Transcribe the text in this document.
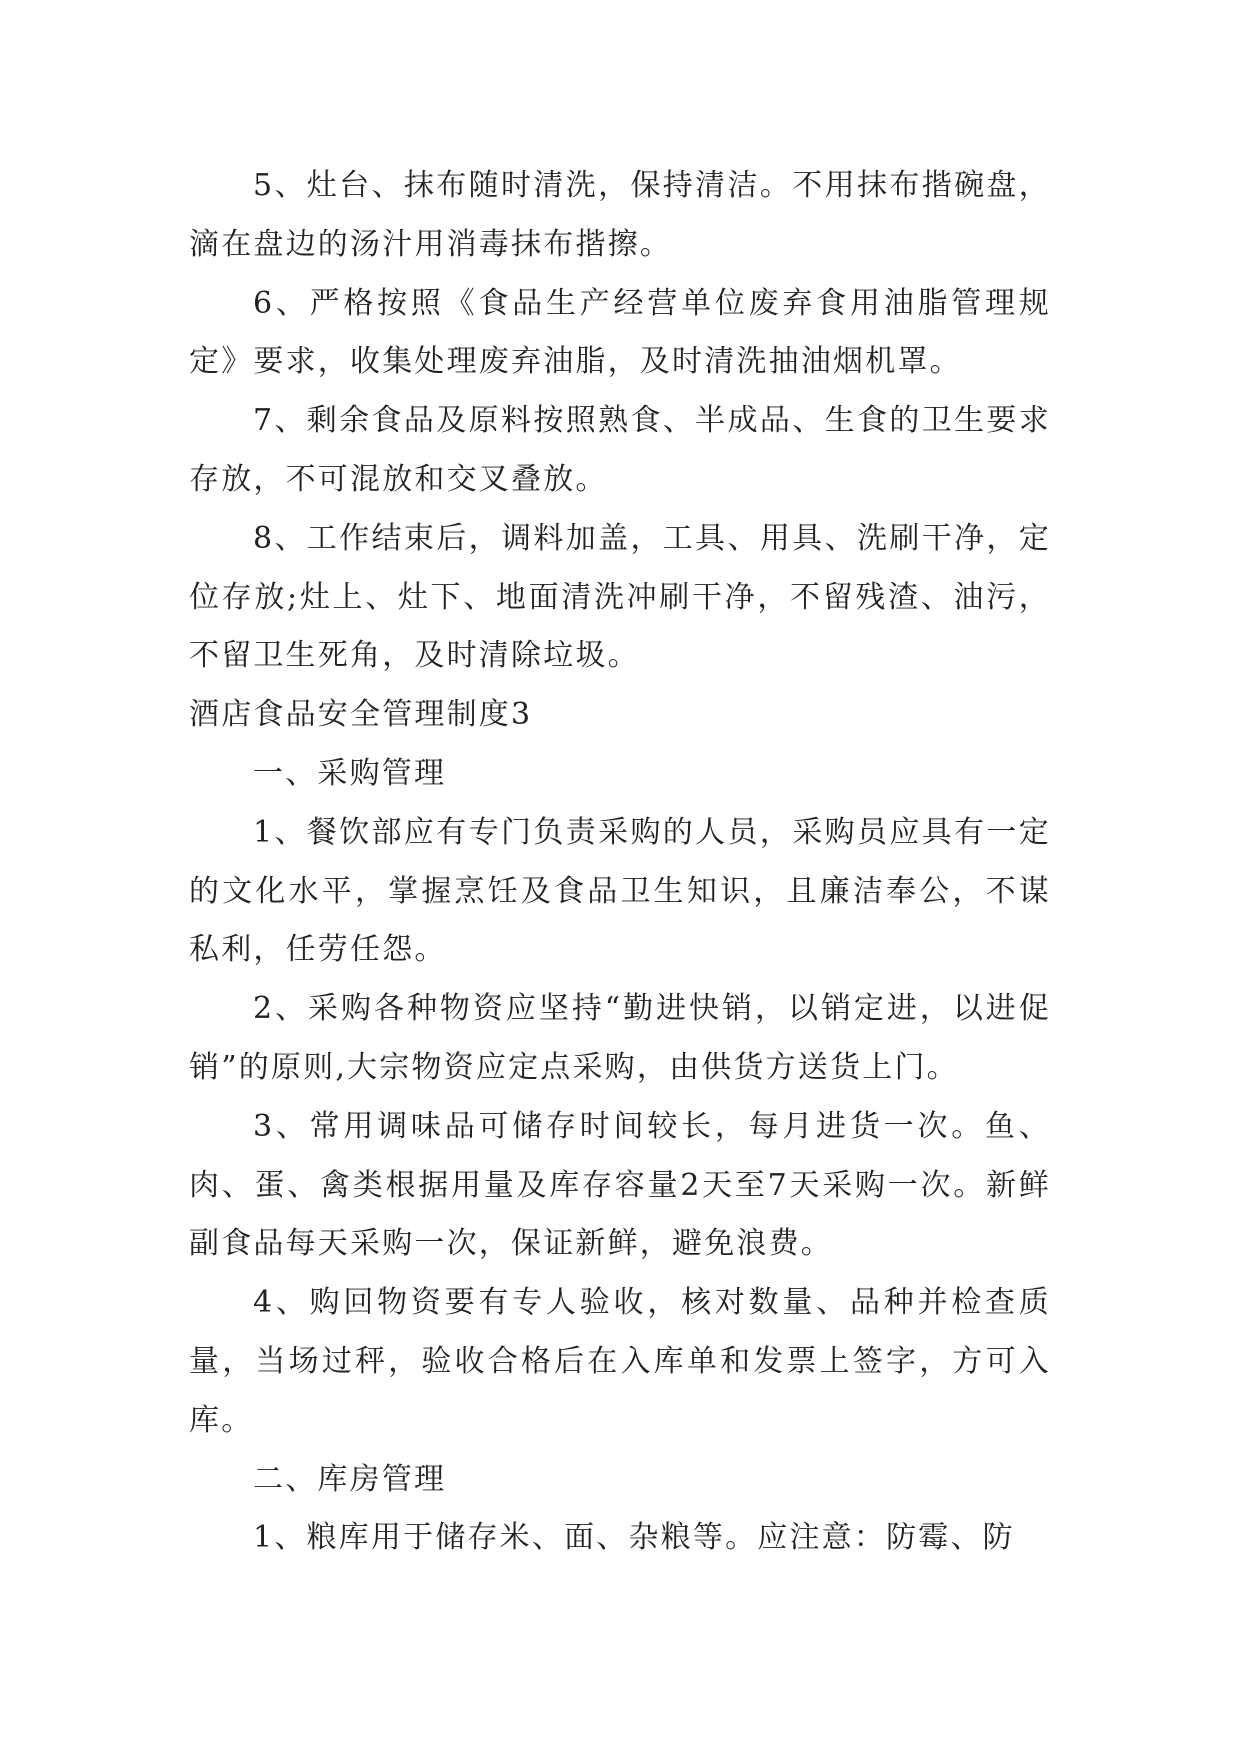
5、灶台、抹布随时清洗，保持清洁。不用抹布揩碗盘，滴在盘边的汤汁用消毒抹布揩擦。

6、严格按照《食品生产经营单位废弃食用油脂管理规定》要求，收集处理废弃油脂，及时清洗抽油烟机罩。

7、剩余食品及原料按照熟食、半成品、生食的卫生要求存放，不可混放和交叉叠放。

8、工作结束后，调料加盖，工具、用具、洗刷干净，定位存放;灶上、灶下、地面清洗冲刷干净，不留残渣、油污，不留卫生死角，及时清除垃圾。

酒店食品安全管理制度3

一、采购管理

1、餐饮部应有专门负责采购的人员，采购员应具有一定的文化水平，掌握烹饪及食品卫生知识，且廉洁奉公，不谋私利，任劳任怨。

2、采购各种物资应坚持“勤进快销，以销定进，以进促销”的原则,大宗物资应定点采购，由供货方送货上门。

3、常用调味品可储存时间较长，每月进货一次。鱼、肉、蛋、禽类根据用量及库存容量2天至7天采购一次。新鲜副食品每天采购一次，保证新鲜，避免浪费。

4、购回物资要有专人验收，核对数量、品种并检查质量，当场过秤，验收合格后在入库单和发票上签字，方可入库。

二、库房管理

1、粮库用于储存米、面、杂粮等。应注意：防霉、防
